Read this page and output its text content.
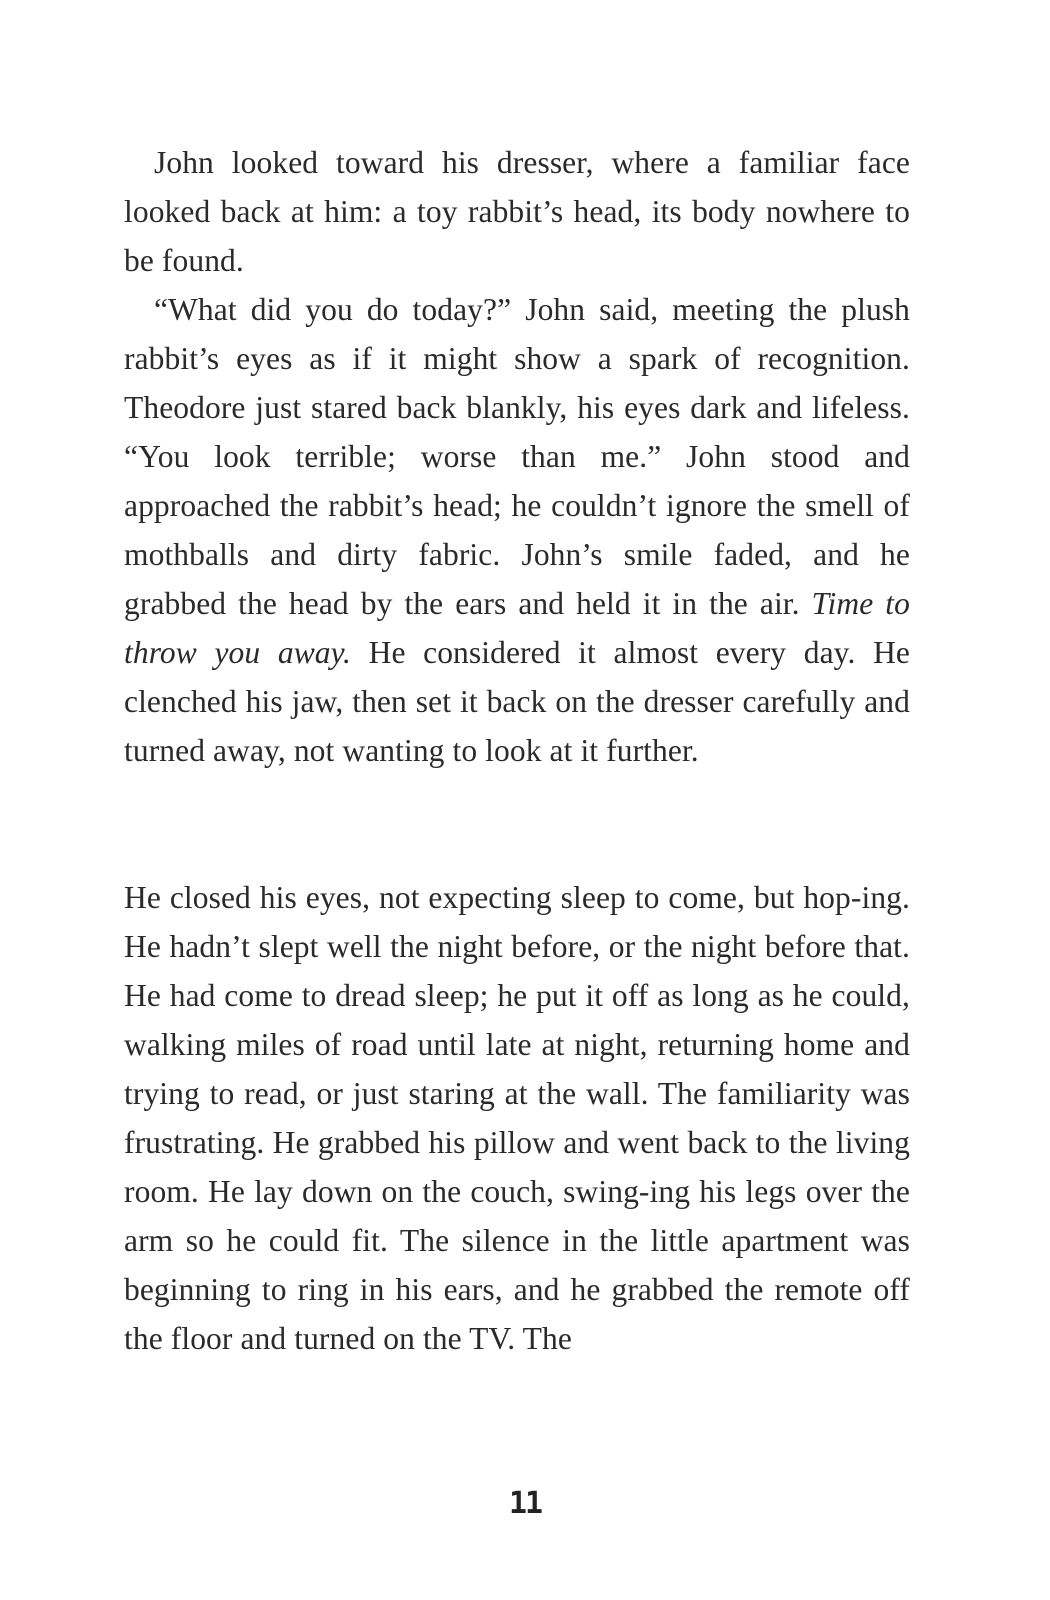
John looked toward his dresser, where a familiar face looked back at him: a toy rabbit’s head, its body nowhere to be found.

“What did you do today?” John said, meeting the plush rabbit’s eyes as if it might show a spark of recognition. Theodore just stared back blankly, his eyes dark and lifeless. “You look terrible; worse than me.” John stood and approached the rabbit’s head; he couldn’t ignore the smell of mothballs and dirty fabric. John’s smile faded, and he grabbed the head by the ears and held it in the air. Time to throw you away. He considered it almost every day. He clenched his jaw, then set it back on the dresser carefully and turned away, not wanting to look at it further.

He closed his eyes, not expecting sleep to come, but hop-ing. He hadn’t slept well the night before, or the night before that. He had come to dread sleep; he put it off as long as he could, walking miles of road until late at night, returning home and trying to read, or just staring at the wall. The familiarity was frustrating. He grabbed his pillow and went back to the living room. He lay down on the couch, swing-ing his legs over the arm so he could fit. The silence in the little apartment was beginning to ring in his ears, and he grabbed the remote off the floor and turned on the TV. The

11
